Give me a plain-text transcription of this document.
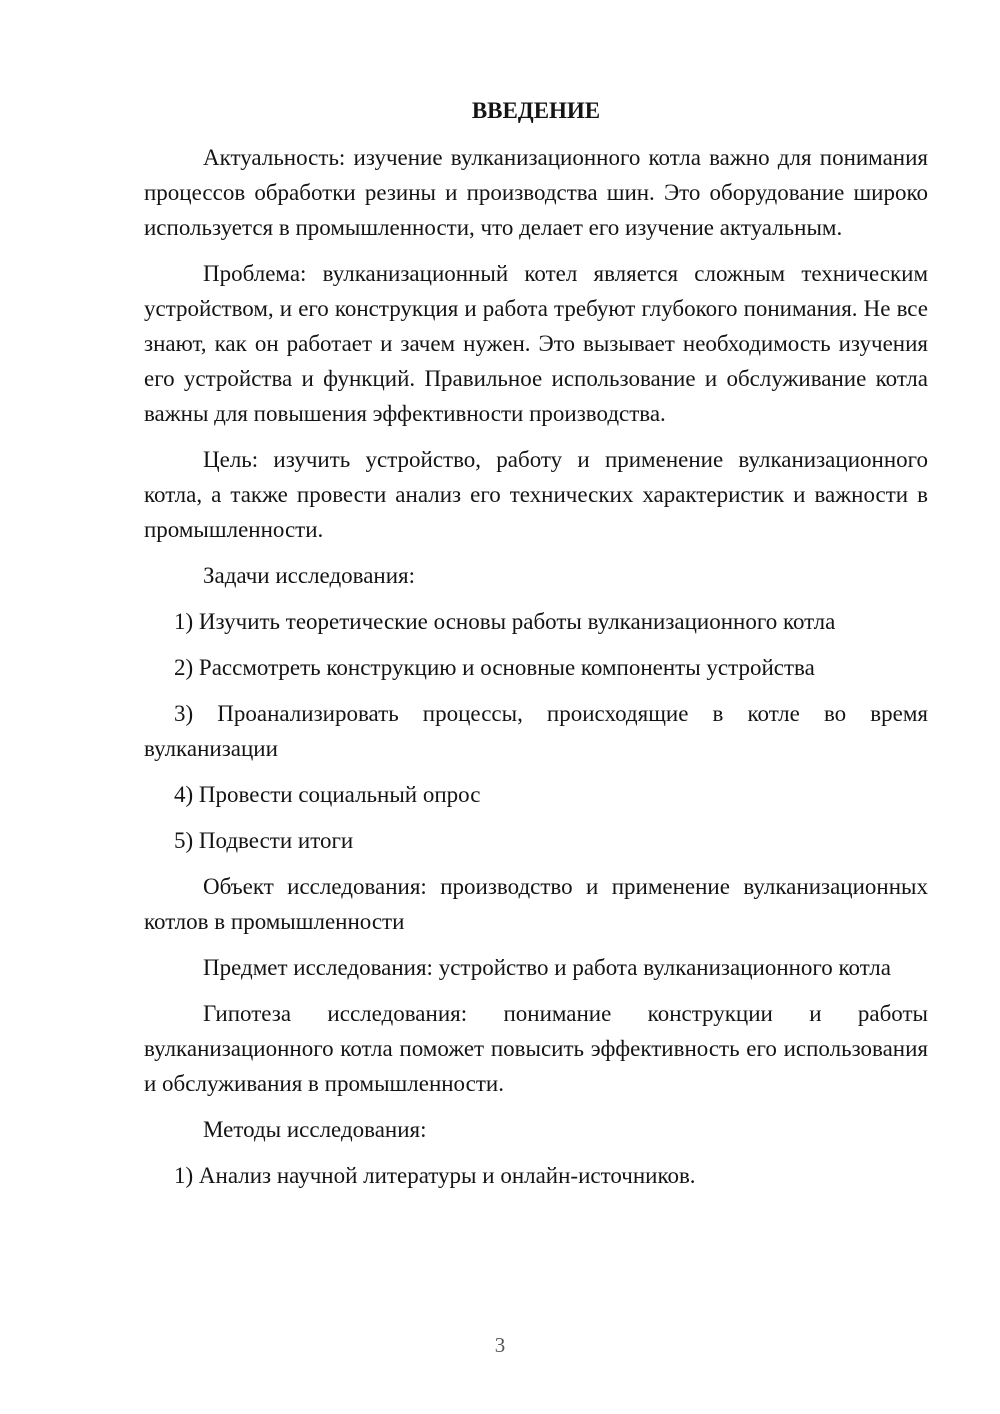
ВВЕДЕНИЕ

Актуальность: изучение вулканизационного котла важно для понимания процессов обработки резины и производства шин. Это оборудование широко используется в промышленности, что делает его изучение актуальным.

Проблема: вулканизационный котел является сложным техническим устройством, и его конструкция и работа требуют глубокого понимания. Не все знают, как он работает и зачем нужен. Это вызывает необходимость изучения его устройства и функций. Правильное использование и обслуживание котла важны для повышения эффективности производства.

Цель: изучить устройство, работу и применение вулканизационного котла, а также провести анализ его технических характеристик и важности в промышленности.

Задачи исследования:

1) Изучить теоретические основы работы вулканизационного котла

2) Рассмотреть конструкцию и основные компоненты устройства

3) Проанализировать процессы, происходящие в котле во время вулканизации

4) Провести социальный опрос

5) Подвести итоги

Объект исследования: производство и применение вулканизационных котлов в промышленности

Предмет исследования: устройство и работа вулканизационного котла

Гипотеза исследования: понимание конструкции и работы вулканизационного котла поможет повысить эффективность его использования и обслуживания в промышленности.

Методы исследования:

1) Анализ научной литературы и онлайн-источников.

3
